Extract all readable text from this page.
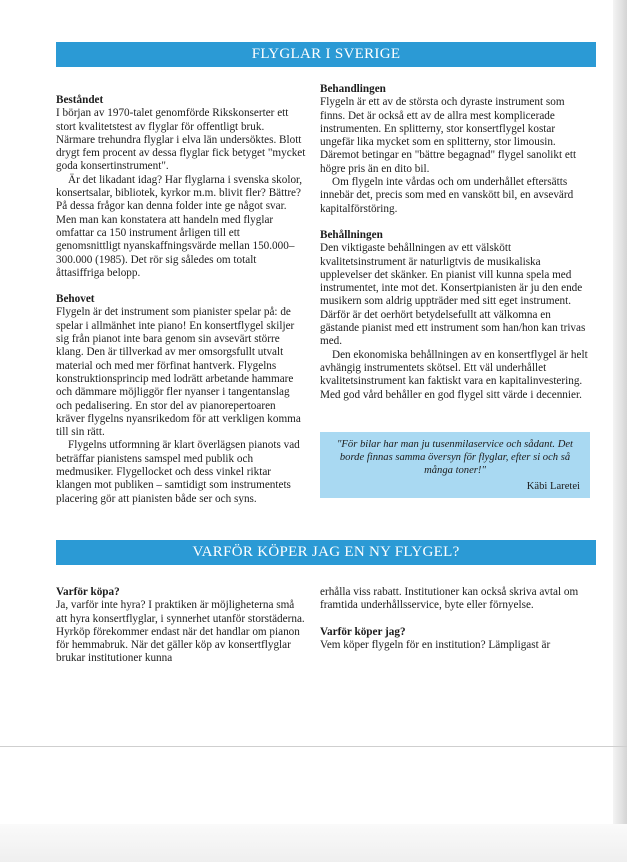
FLYGLAR I SVERIGE
Beståndet

I början av 1970-talet genomförde Rikskonserter ett stort kvalitetstest av flyglar för offentligt bruk. Närmare trehundra flyglar i elva län undersöktes. Blott drygt fem procent av dessa flyglar fick betyget "mycket goda konsertinstrument".

Är det likadant idag? Har flyglarna i svenska skolor, konsertsalar, bibliotek, kyrkor m.m. blivit fler? Bättre? På dessa frågor kan denna folder inte ge något svar. Men man kan konstatera att handeln med flyglar omfattar ca 150 instrument årligen till ett genomsnittligt nyanskaffningsvärde mellan 150.000–300.000 (1985). Det rör sig således om totalt åttasiffriga belopp.

Behovet

Flygeln är det instrument som pianister spelar på: de spelar i allmänhet inte piano! En konsertflygel skiljer sig från pianot inte bara genom sin avsevärt större klang. Den är tillverkad av mer omsorgsfullt utvalt material och med mer förfinat hantverk. Flygelns konstruktionsprincip med lodrätt arbetande hammare och dämmare möjliggör fler nyanser i tangentanslag och pedalisering. En stor del av pianorepertoaren kräver flygelns nyansrikedom för att verkligen komma till sin rätt.

Flygelns utformning är klart överlägsen pianots vad beträffar pianistens samspel med publik och medmusiker. Flygellocket och dess vinkel riktar klangen mot publiken – samtidigt som instrumentets placering gör att pianisten både ser och syns.

Behandlingen

Flygeln är ett av de största och dyraste instrument som finns. Det är också ett av de allra mest komplicerade instrumenten. En splitterny, stor konsertflygel kostar ungefär lika mycket som en splitterny, stor limousin. Däremot betingar en "bättre begagnad" flygel sanolikt ett högre pris än en dito bil.

Om flygeln inte vårdas och om underhållet eftersätts innebär det, precis som med en vanskött bil, en avsevärd kapitalförstöring.

Behållningen

Den viktigaste behållningen av ett välskött kvalitetsinstrument är naturligtvis de musikaliska upplevelser det skänker. En pianist vill kunna spela med instrumentet, inte mot det. Konsertpianisten är ju den ende musikern som aldrig uppträder med sitt eget instrument. Därför är det oerhört betydelsefullt att välkomna en gästande pianist med ett instrument som han/hon kan trivas med.

Den ekonomiska behållningen av en konsertflygel är helt avhängig instrumentets skötsel. Ett väl underhållet kvalitetsinstrument kan faktiskt vara en kapitalinvestering. Med god vård behåller en god flygel sitt värde i decennier.

"För bilar har man ju tusenmilaservice och sådant. Det borde finnas samma översyn för flyglar, efter si och så många toner!"
Käbi Laretei
VARFÖR KÖPER JAG EN NY FLYGEL?
Varför köpa?

Ja, varför inte hyra? I praktiken är möjligheterna små att hyra konsertflyglar, i synnerhet utanför storstäderna. Hyrköp förekommer endast när det handlar om pianon för hemmabruk. När det gäller köp av konsertflyglar brukar institutioner kunna

erhålla viss rabatt. Institutioner kan också skriva avtal om framtida underhållsservice, byte eller förnyelse.

Varför köper jag?

Vem köper flygeln för en institution? Lämpligast är
